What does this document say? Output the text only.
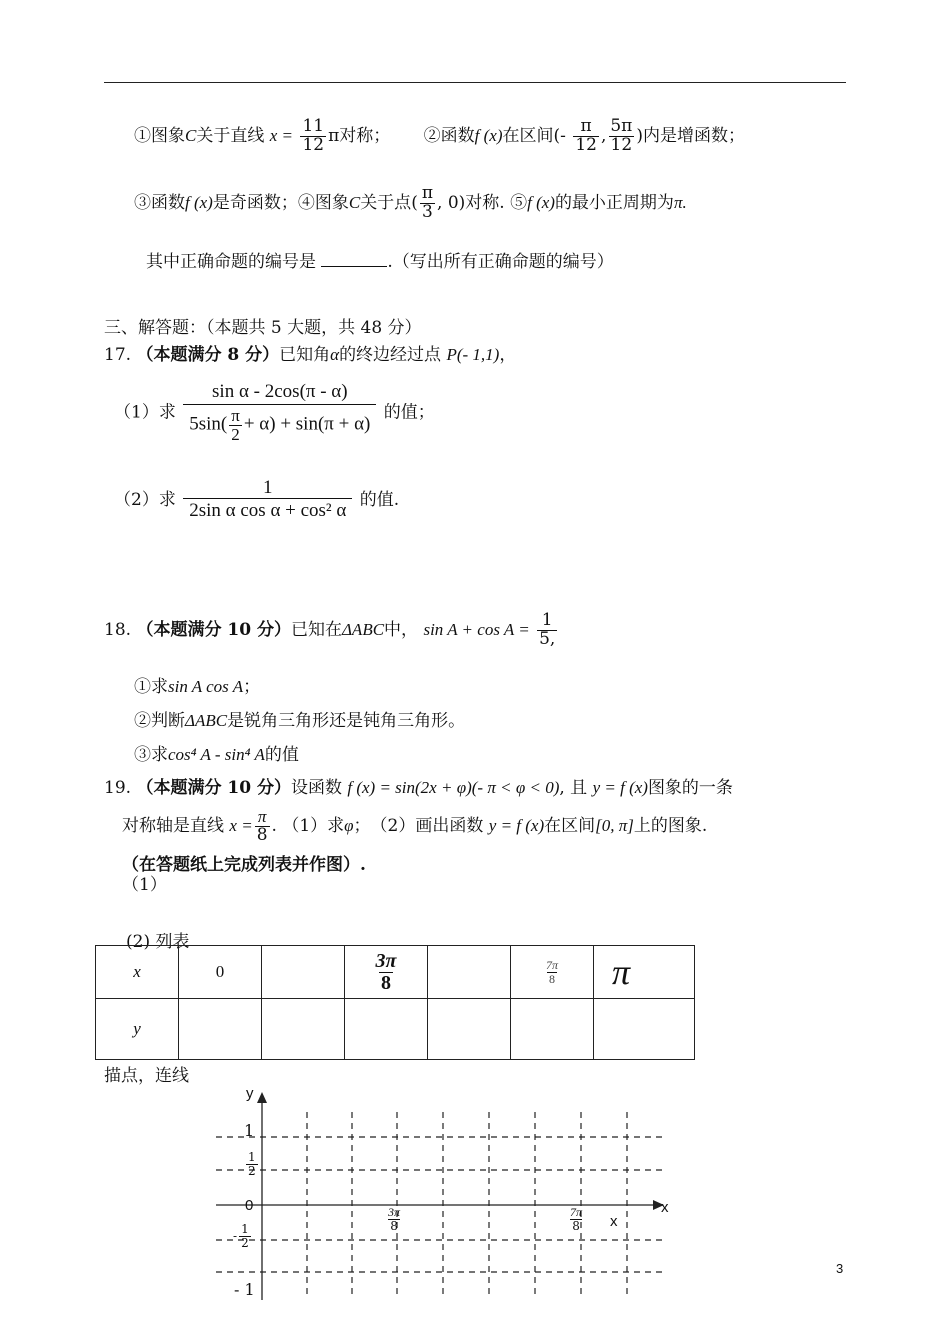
①图象C关于直线 $x = \frac{11}{12}$ π对称； ②函数f (x)在区间(- $\frac{\pi}{12}$ , $\frac{5\pi}{12}$ )内是增函数；
③函数f (x)是奇函数；④图象C关于点( $\frac{\pi}{3}$ , 0)对称. ⑤f (x)的最小正周期为π.
其中正确命题的编号是	.（写出所有正确命题的编号）
三、解答题：（本题共 5 大题，共 48 分）
17. （本题满分 8 分）已知角α的终边经过点 P(- 1,1)，
（1）求 $\frac{\text{sin α - 2cos(π - α)}}{5\sin( \frac{\pi}{2} + \alpha) + \sin(\pi + \alpha)}$ 的值；
（2）求 $\frac{1}{\text{2sin α cos α + cos² α}}$ 的值.
18. （本题满分 10 分）已知在ΔABC中， $\sin A + \cos A = \frac{1}{5,}$
①求sin A cos A；
②判断ΔABC是锐角三角形还是钝角三角形。
③求cos⁴ A - sin⁴ A的值
19. （本题满分 10 分）设函数 f (x) = sin(2x + φ)(- π < φ < 0), 且 y = f (x)图象的一条
对称轴是直线 $x = \frac{\pi}{8}$ . （1）求φ；　（2）画出函数 y = f (x)在区间[0, π]上的图象.
（在答题纸上完成列表并作图）.
（1）
(2) 列表
x	0		$\frac{3\pi}{8}$		$\frac{7\pi}{8}$	π
y						
描点，连线
y
x
x
1
$\frac{1}{2}$
0
- $\frac{1}{2}$
- 1
$\frac{3\pi}{8}$	$\frac{7\pi}{8}$
3
